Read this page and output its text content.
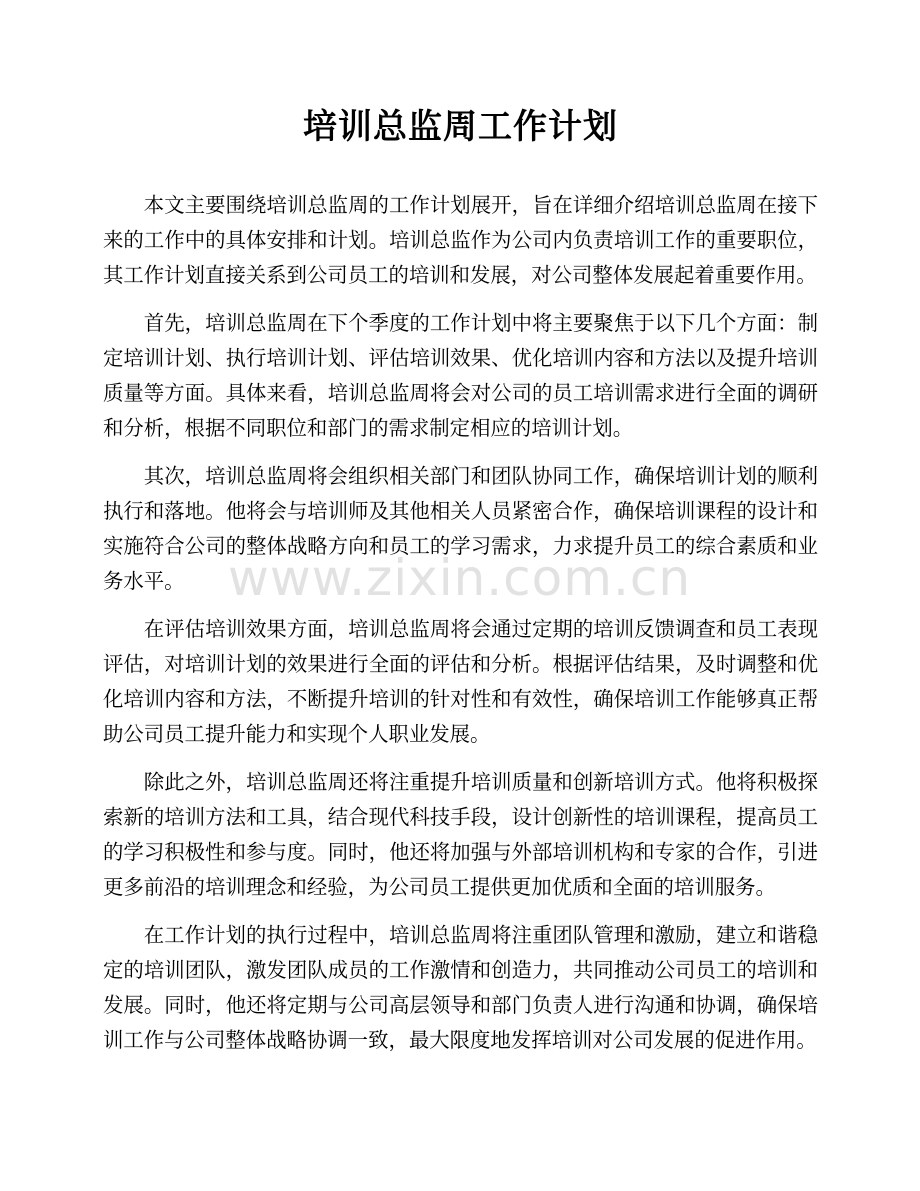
www.zixin.com.cn
培训总监周工作计划

本文主要围绕培训总监周的工作计划展开，旨在详细介绍培训总监周在接下来的工作中的具体安排和计划。培训总监作为公司内负责培训工作的重要职位，其工作计划直接关系到公司员工的培训和发展，对公司整体发展起着重要作用。

首先，培训总监周在下个季度的工作计划中将主要聚焦于以下几个方面：制定培训计划、执行培训计划、评估培训效果、优化培训内容和方法以及提升培训质量等方面。具体来看，培训总监周将会对公司的员工培训需求进行全面的调研和分析，根据不同职位和部门的需求制定相应的培训计划。

其次，培训总监周将会组织相关部门和团队协同工作，确保培训计划的顺利执行和落地。他将会与培训师及其他相关人员紧密合作，确保培训课程的设计和实施符合公司的整体战略方向和员工的学习需求，力求提升员工的综合素质和业务水平。

在评估培训效果方面，培训总监周将会通过定期的培训反馈调查和员工表现评估，对培训计划的效果进行全面的评估和分析。根据评估结果，及时调整和优化培训内容和方法，不断提升培训的针对性和有效性，确保培训工作能够真正帮助公司员工提升能力和实现个人职业发展。

除此之外，培训总监周还将注重提升培训质量和创新培训方式。他将积极探索新的培训方法和工具，结合现代科技手段，设计创新性的培训课程，提高员工的学习积极性和参与度。同时，他还将加强与外部培训机构和专家的合作，引进更多前沿的培训理念和经验，为公司员工提供更加优质和全面的培训服务。

在工作计划的执行过程中，培训总监周将注重团队管理和激励，建立和谐稳定的培训团队，激发团队成员的工作激情和创造力，共同推动公司员工的培训和发展。同时，他还将定期与公司高层领导和部门负责人进行沟通和协调，确保培训工作与公司整体战略协调一致，最大限度地发挥培训对公司发展的促进作用。
